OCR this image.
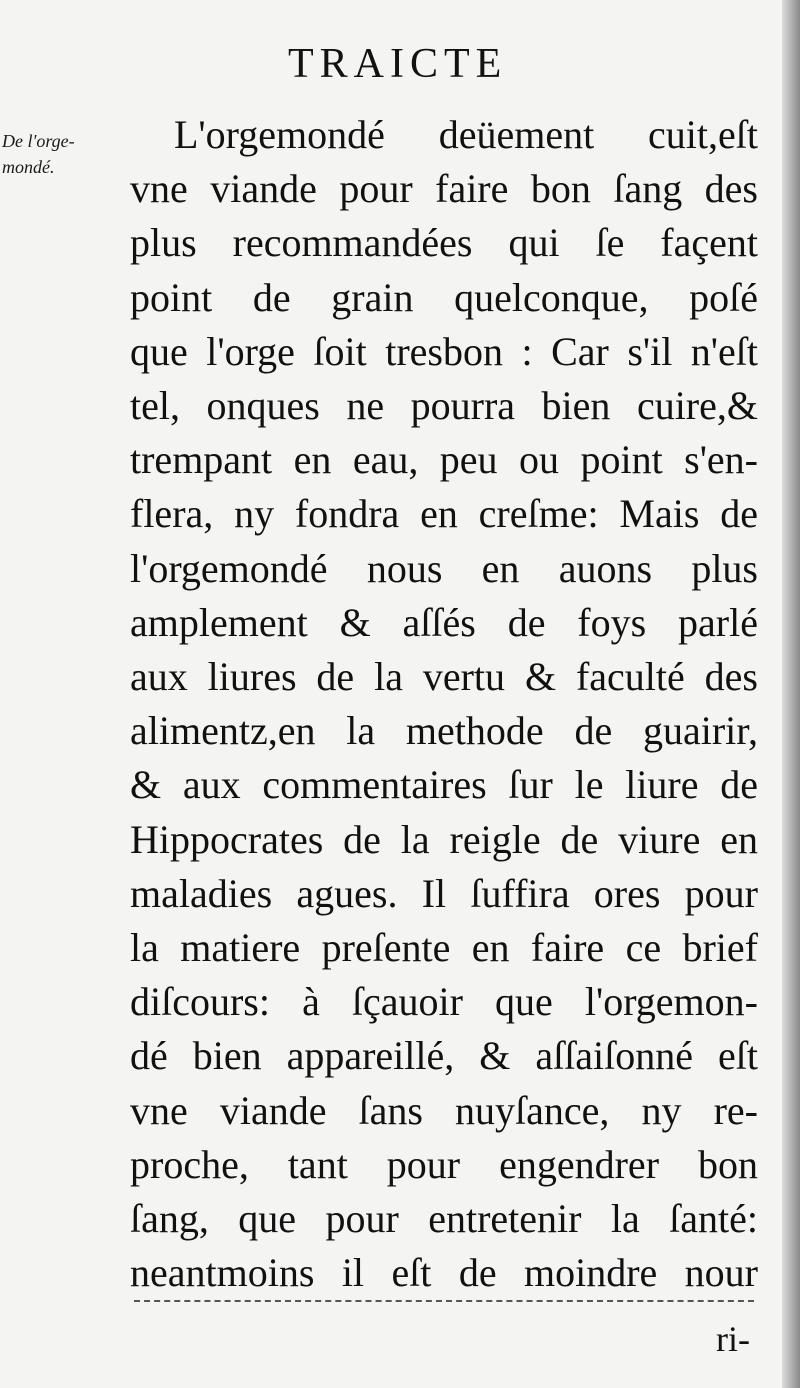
TRAICTE
De l'orge-
mondé.
L'orgemondé deüement cuit,eſt
vne viande pour faire bon ſang des
plus recommandées qui ſe façent
point de grain quelconque, poſé
que l'orge ſoit tresbon : Car s'il n'eſt
tel, onques ne pourra bien cuire,&
trempant en eau, peu ou point s'en-
flera, ny fondra en creſme: Mais de
l'orgemondé nous en auons plus
amplement & aſſés de foys parlé
aux liures de la vertu & faculté des
alimentz,en la methode de guairir,
& aux commentaires ſur le liure de
Hippocrates de la reigle de viure en
maladies agues. Il ſuffira ores pour
la matiere preſente en faire ce brief
diſcours: à ſçauoir que l'orgemon-
dé bien appareillé, & aſſaiſonné eſt
vne viande ſans nuyſance, ny re-
proche, tant pour engendrer bon
ſang, que pour entretenir la ſanté:
neantmoins il eſt de moindre nour
ri-
